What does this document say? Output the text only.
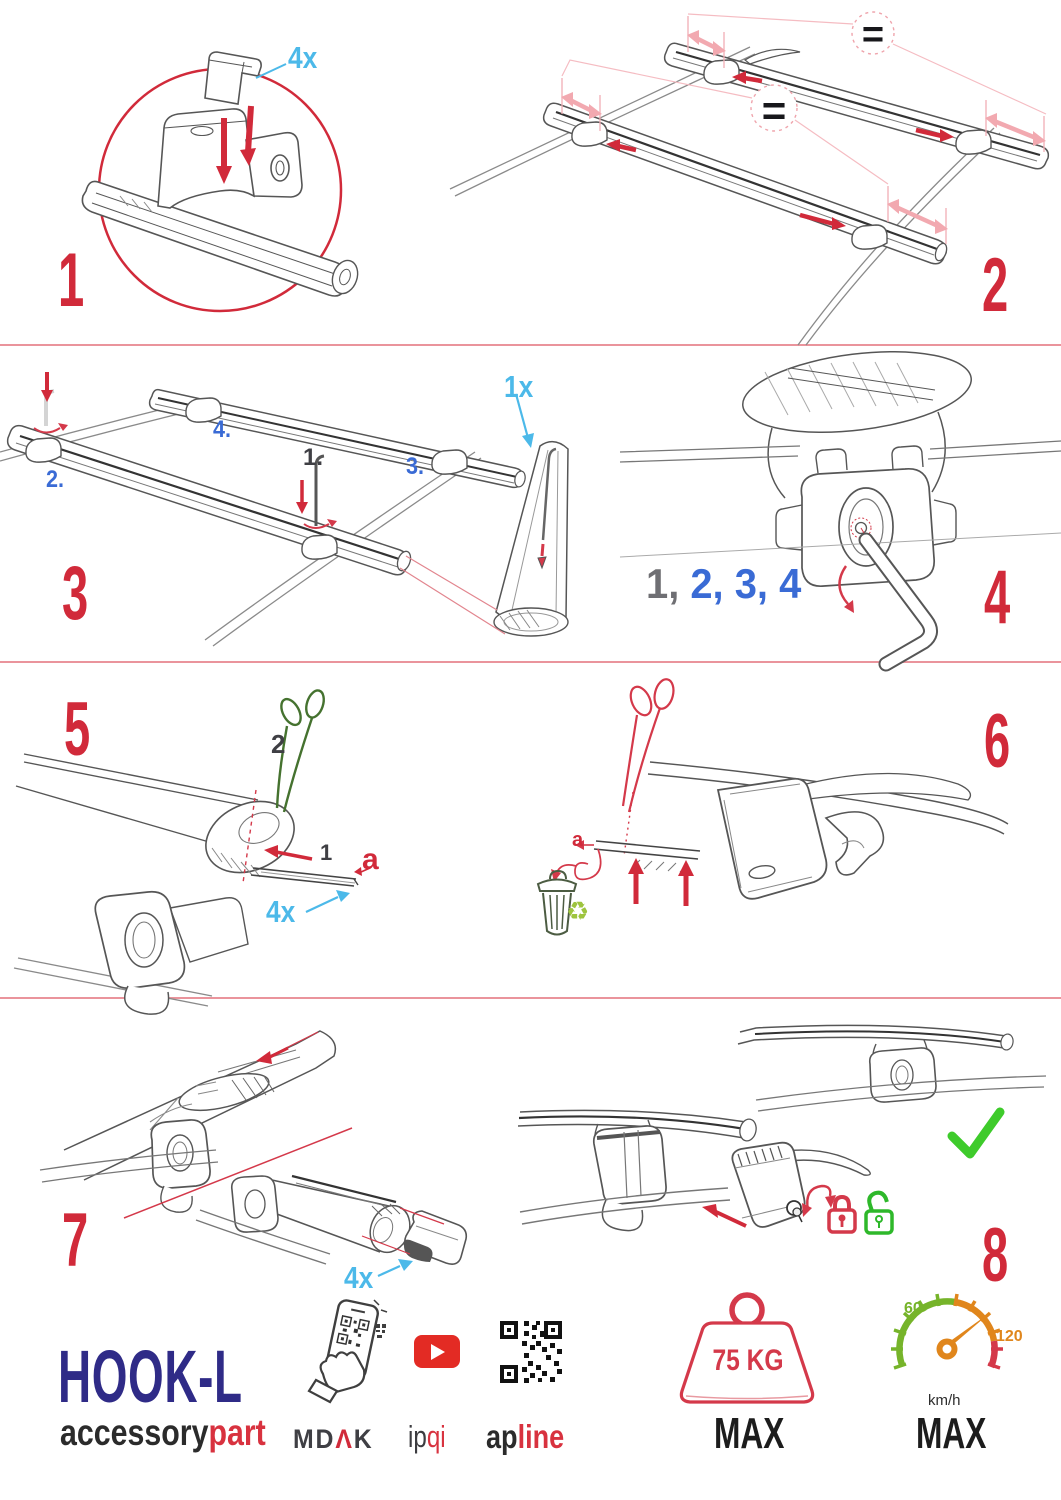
4x
1
=
=
2
2.
4.
3.
1.
1x
3	1, 2, 3, 4 4
2
1 a
4x
5
a
♻
6
4x
7	8
HOOK-L
accessorypart MDΛK ipqi apline
75 KG
MAX
60
120
km/h
MAX
